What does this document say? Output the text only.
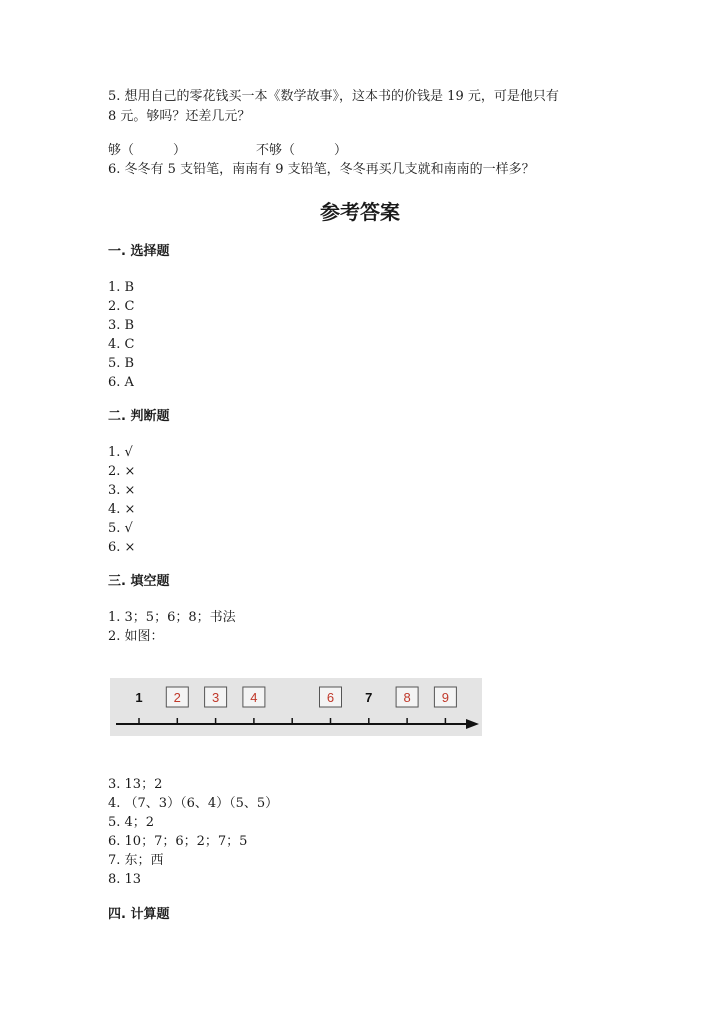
5. 想用自己的零花钱买一本《数学故事》，这本书的价钱是 19 元，可是他只有
8 元。够吗？还差几元？
够（　　　）	不够（　　　）
6. 冬冬有 5 支铅笔，南南有 9 支铅笔，冬冬再买几支就和南南的一样多？
参考答案
一. 选择题
1. B
2. C
3. B
4. C
5. B
6. A
二. 判断题
1. √
2. ×
3. ×
4. ×
5. √
6. ×
三. 填空题
1. 3；5；6；8；书法
2. 如图：
1 2 3 4	6 7 8 9
3. 13；2
4. （7、3）（6、4）（5、5）
5. 4；2
6. 10；7；6；2；7；5
7. 东；西
8. 13
四. 计算题
